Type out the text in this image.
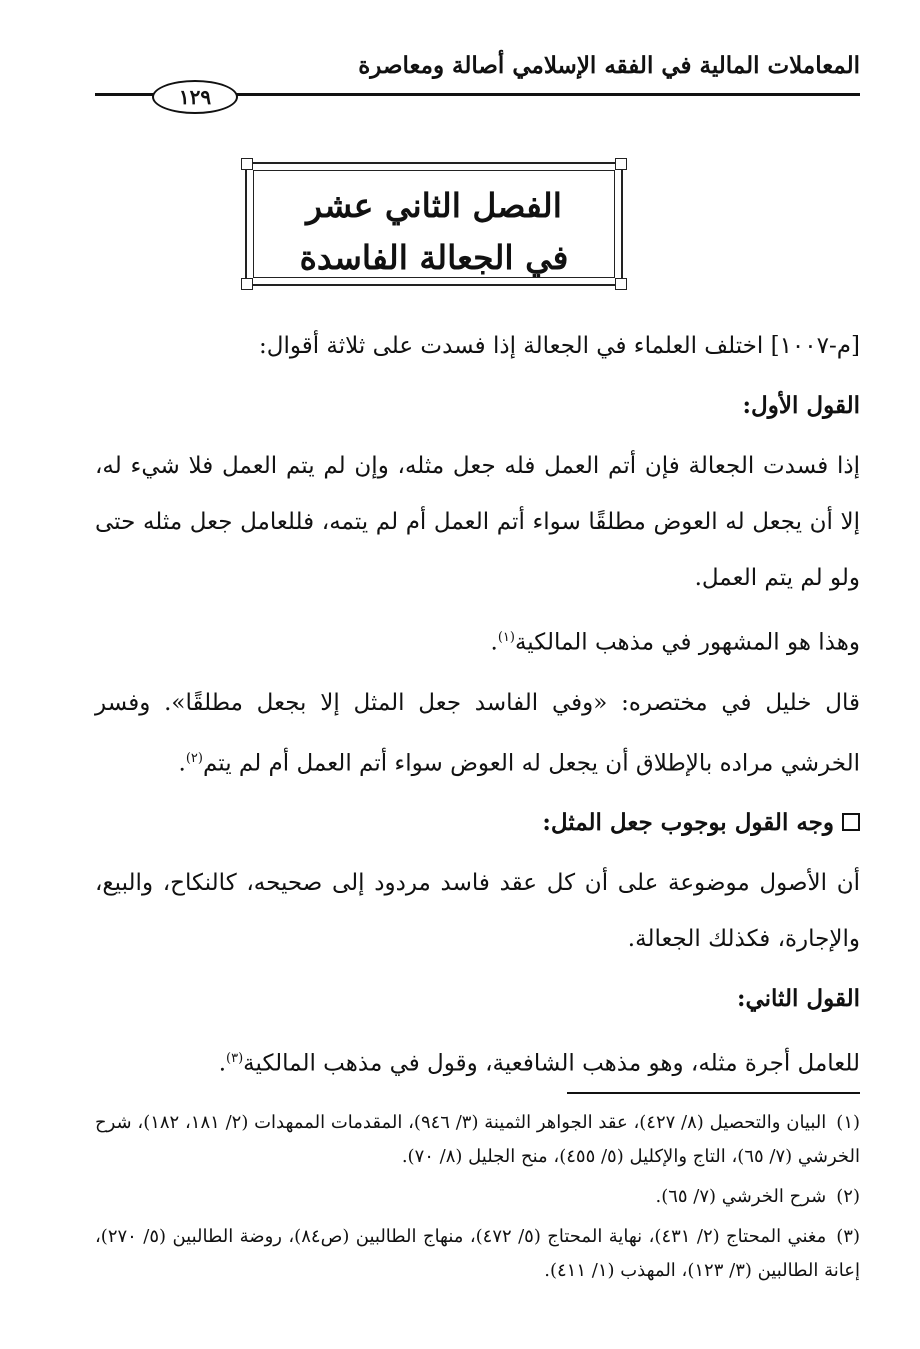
المعاملات المالية في الفقه الإسلامي أصالة ومعاصرة
١٢٩
الفصل الثاني عشر
في الجعالة الفاسدة

[م-١٠٠٧] اختلف العلماء في الجعالة إذا فسدت على ثلاثة أقوال:

القول الأول:

إذا فسدت الجعالة فإن أتم العمل فله جعل مثله، وإن لم يتم العمل فلا شيء له، إلا أن يجعل له العوض مطلقًا سواء أتم العمل أم لم يتمه، فللعامل جعل مثله حتى ولو لم يتم العمل.

وهذا هو المشهور في مذهب المالكية$^{(١)}$.

قال خليل في مختصره: «وفي الفاسد جعل المثل إلا بجعل مطلقًا». وفسر الخرشي مراده بالإطلاق أن يجعل له العوض سواء أتم العمل أم لم يتم$^{(٢)}$.

وجه القول بوجوب جعل المثل:

أن الأصول موضوعة على أن كل عقد فاسد مردود إلى صحيحه، كالنكاح، والبيع، والإجارة، فكذلك الجعالة.

القول الثاني:

للعامل أجرة مثله، وهو مذهب الشافعية، وقول في مذهب المالكية$^{(٣)}$.

(١)البيان والتحصيل (٨/ ٤٢٧)، عقد الجواهر الثمينة (٣/ ٩٤٦)، المقدمات الممهدات (٢/ ١٨١، ١٨٢)، شرح الخرشي (٧/ ٦٥)، التاج والإكليل (٥/ ٤٥٥)، منح الجليل (٨/ ٧٠).

(٢)شرح الخرشي (٧/ ٦٥).

(٣)مغني المحتاج (٢/ ٤٣١)، نهاية المحتاج (٥/ ٤٧٢)، منهاج الطالبين (ص٨٤)، روضة الطالبين (٥/ ٢٧٠)، إعانة الطالبين (٣/ ١٢٣)، المهذب (١/ ٤١١).
